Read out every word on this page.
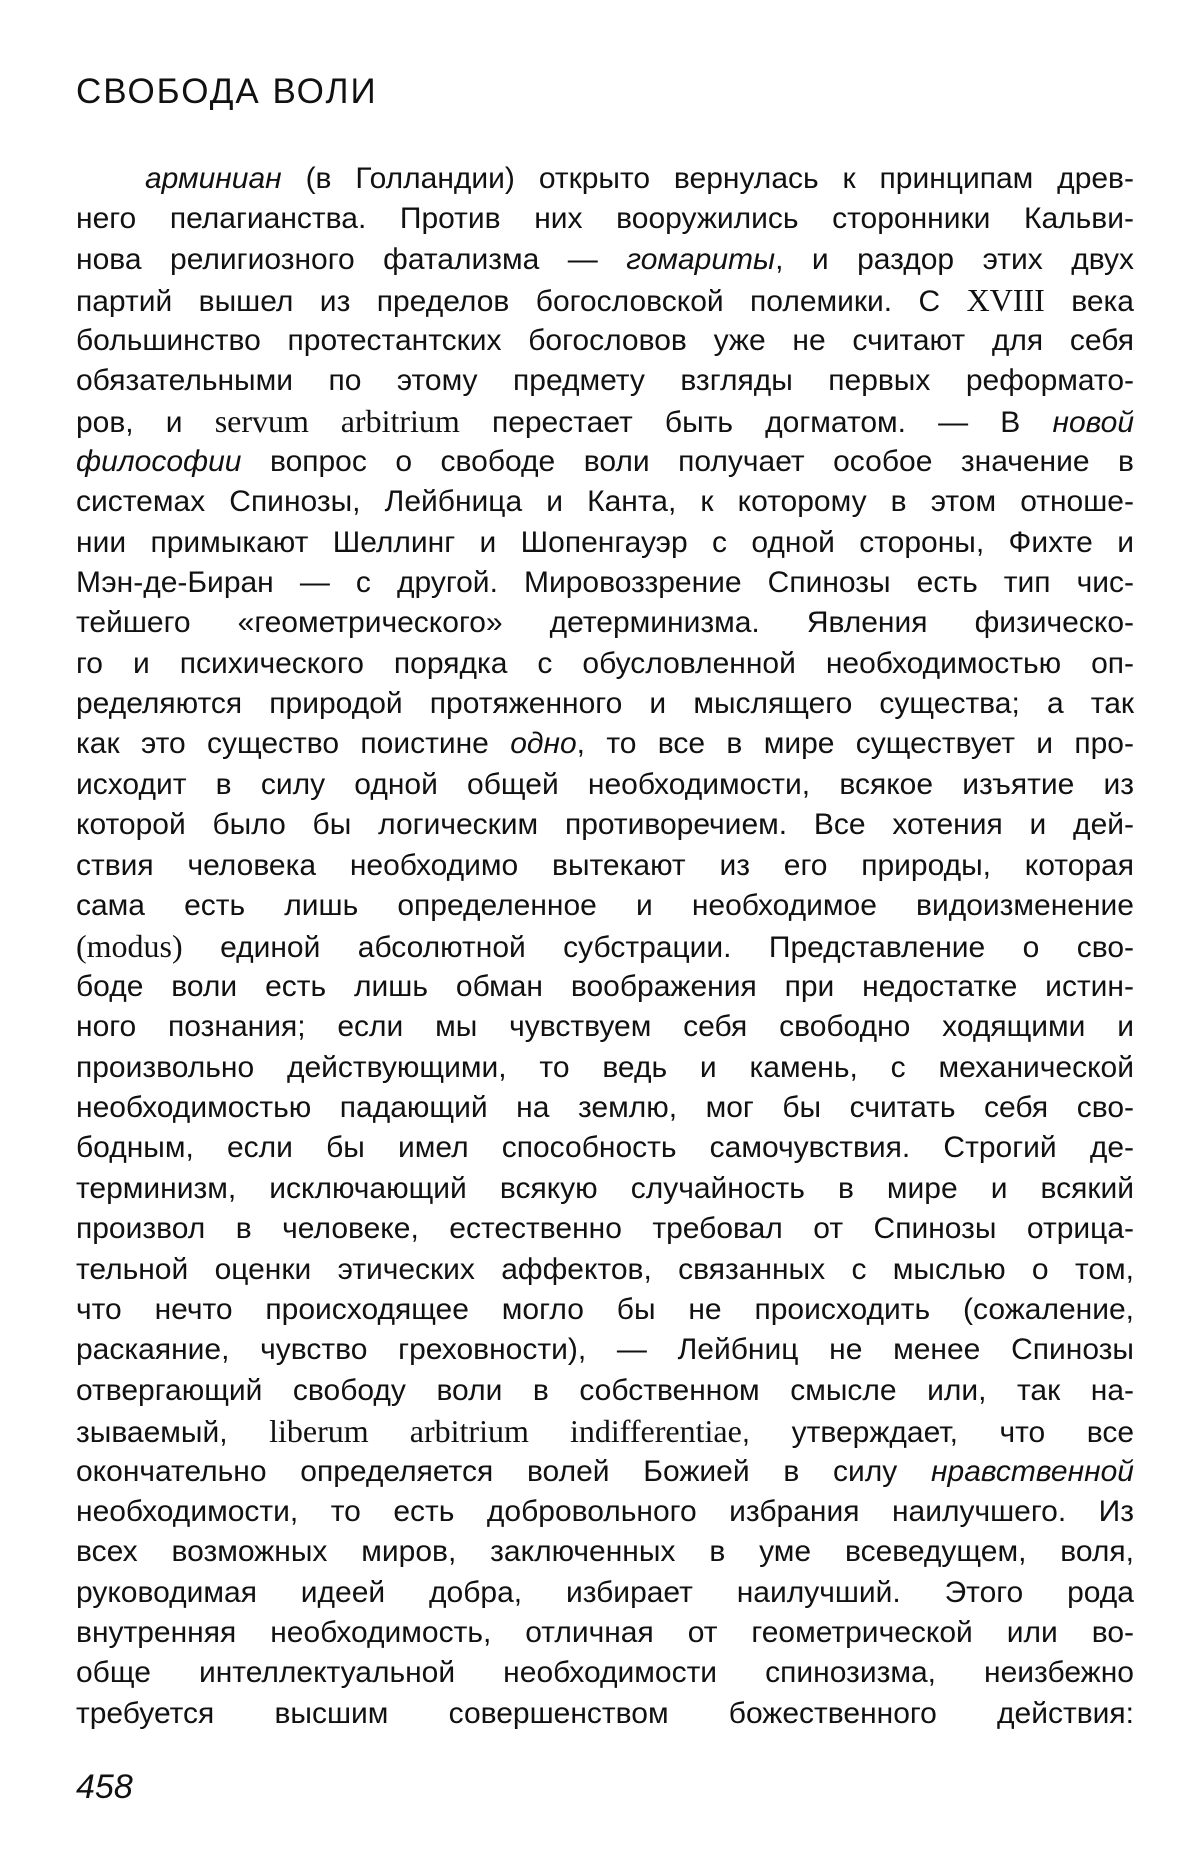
СВОБОДА ВОЛИ
арминиан (в Голландии) открыто вернулась к принципам древ-
него пелагианства. Против них вооружились сторонники Кальви-
нова религиозного фатализма — гомариты, и раздор этих двух
партий вышел из пределов богословской полемики. С XVIII века
большинство протестантских богословов уже не считают для себя
обязательными по этому предмету взгляды первых реформато-
ров, и servum arbitrium перестает быть догматом. — В новой
философии вопрос о свободе воли получает особое значение в
системах Спинозы, Лейбница и Канта, к которому в этом отноше-
нии примыкают Шеллинг и Шопенгауэр с одной стороны, Фихте и
Мэн-де-Биран — с другой. Мировоззрение Спинозы есть тип чис-
тейшего «геометрического» детерминизма. Явления физическо-
го и психического порядка с обусловленной необходимостью оп-
ределяются природой протяженного и мыслящего существа; а так
как это существо поистине одно, то все в мире существует и про-
исходит в силу одной общей необходимости, всякое изъятие из
которой было бы логическим противоречием. Все хотения и дей-
ствия человека необходимо вытекают из его природы, которая
сама есть лишь определенное и необходимое видоизменение
(modus) единой абсолютной субстрации. Представление о сво-
боде воли есть лишь обман воображения при недостатке истин-
ного познания; если мы чувствуем себя свободно ходящими и
произвольно действующими, то ведь и камень, с механической
необходимостью падающий на землю, мог бы считать себя сво-
бодным, если бы имел способность самочувствия. Строгий де-
терминизм, исключающий всякую случайность в мире и всякий
произвол в человеке, естественно требовал от Спинозы отрица-
тельной оценки этических аффектов, связанных с мыслью о том,
что нечто происходящее могло бы не происходить (сожаление,
раскаяние, чувство греховности), — Лейбниц не менее Спинозы
отвергающий свободу воли в собственном смысле или, так на-
зываемый, liberum arbitrium indifferentiae, утверждает, что все
окончательно определяется волей Божией в силу нравственной
необходимости, то есть добровольного избрания наилучшего. Из
всех возможных миров, заключенных в уме всеведущем, воля,
руководимая идеей добра, избирает наилучший. Этого рода
внутренняя необходимость, отличная от геометрической или во-
обще интеллектуальной необходимости спинозизма, неизбежно
требуется высшим совершенством божественного действия:
458
